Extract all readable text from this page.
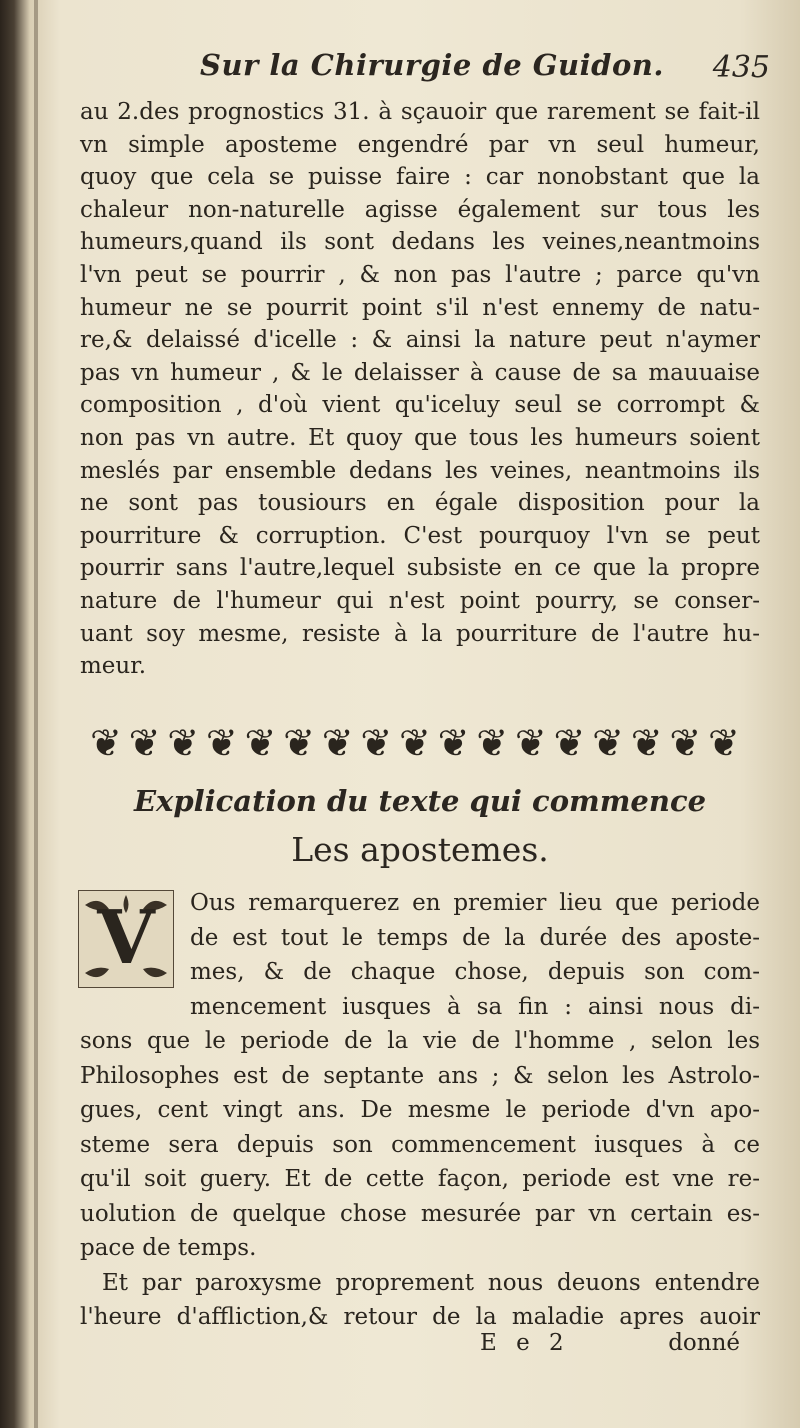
Sur la Chirurgie de Guidon. 435
au 2.des prognostics 31. à sçauoir que rarement se fait-il
vn simple aposteme engendré par vn seul humeur,
quoy que cela se puisse faire : car nonobstant que la
chaleur non-naturelle agisse également sur tous les
humeurs,quand ils sont dedans les veines,neantmoins
l'vn peut se pourrir , & non pas l'autre ; parce qu'vn
humeur ne se pourrit point s'il n'est ennemy de natu-
re,& delaissé d'icelle : & ainsi la nature peut n'aymer
pas vn humeur , & le delaisser à cause de sa mauuaise
composition , d'où vient qu'iceluy seul se corrompt &
non pas vn autre. Et quoy que tous les humeurs soient
meslés par ensemble dedans les veines, neantmoins ils
ne sont pas tousiours en égale disposition pour la
pourriture & corruption. C'est pourquoy l'vn se peut
pourrir sans l'autre,lequel subsiste en ce que la propre
nature de l'humeur qui n'est point pourry, se conser-
uant soy mesme, resiste à la pourriture de l'autre hu-
meur.
❦ ❦ ❦ ❦ ❦ ❦ ❦ ❦ ❦ ❦ ❦ ❦ ❦ ❦ ❦ ❦ ❦
Explication du texte qui commence
Les apostemes.
V	Ous remarquerez en premier lieu que periode
de est tout le temps de la durée des aposte-
mes, & de chaque chose, depuis son com-
mencement iusques à sa fin : ainsi nous di-
sons que le periode de la vie de l'homme , selon les
Philosophes est de septante ans ; & selon les Astrolo-
gues, cent vingt ans. De mesme le periode d'vn apo-
steme sera depuis son commencement iusques à ce
qu'il soit guery. Et de cette façon, periode est vne re-
uolution de quelque chose mesurée par vn certain es-
pace de temps.
Et par paroxysme proprement nous deuons entendre
l'heure d'affliction,& retour de la maladie apres auoir
E e 2	donné
